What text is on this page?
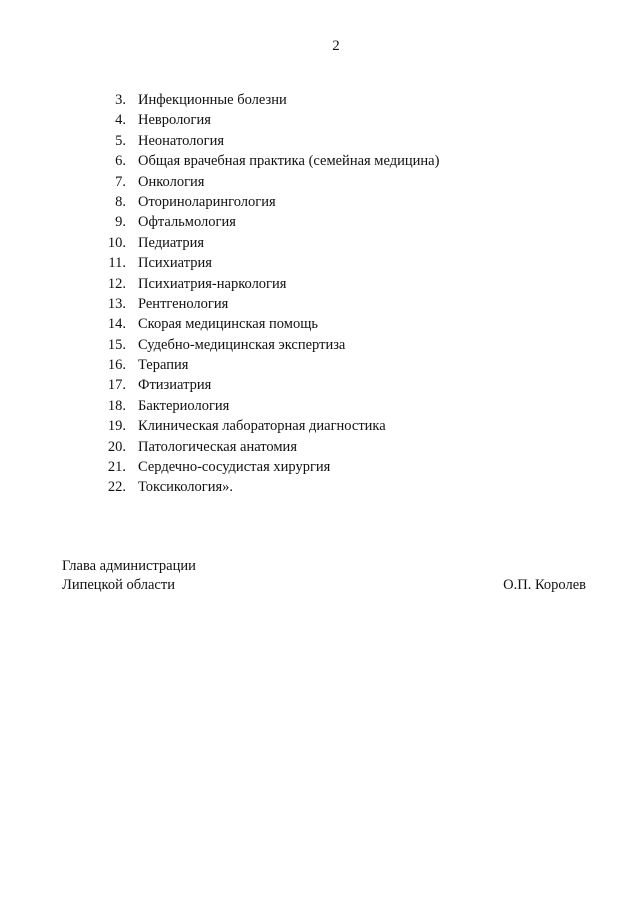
2
3. Инфекционные болезни
4. Неврология
5. Неонатология
6. Общая врачебная практика (семейная медицина)
7. Онкология
8. Оториноларингология
9. Офтальмология
10. Педиатрия
11. Психиатрия
12. Психиатрия-наркология
13. Рентгенология
14. Скорая медицинская помощь
15. Судебно-медицинская экспертиза
16. Терапия
17. Фтизиатрия
18. Бактериология
19. Клиническая лабораторная диагностика
20. Патологическая анатомия
21. Сердечно-сосудистая хирургия
22. Токсикология».
Глава администрации
Липецкой области	О.П. Королев
